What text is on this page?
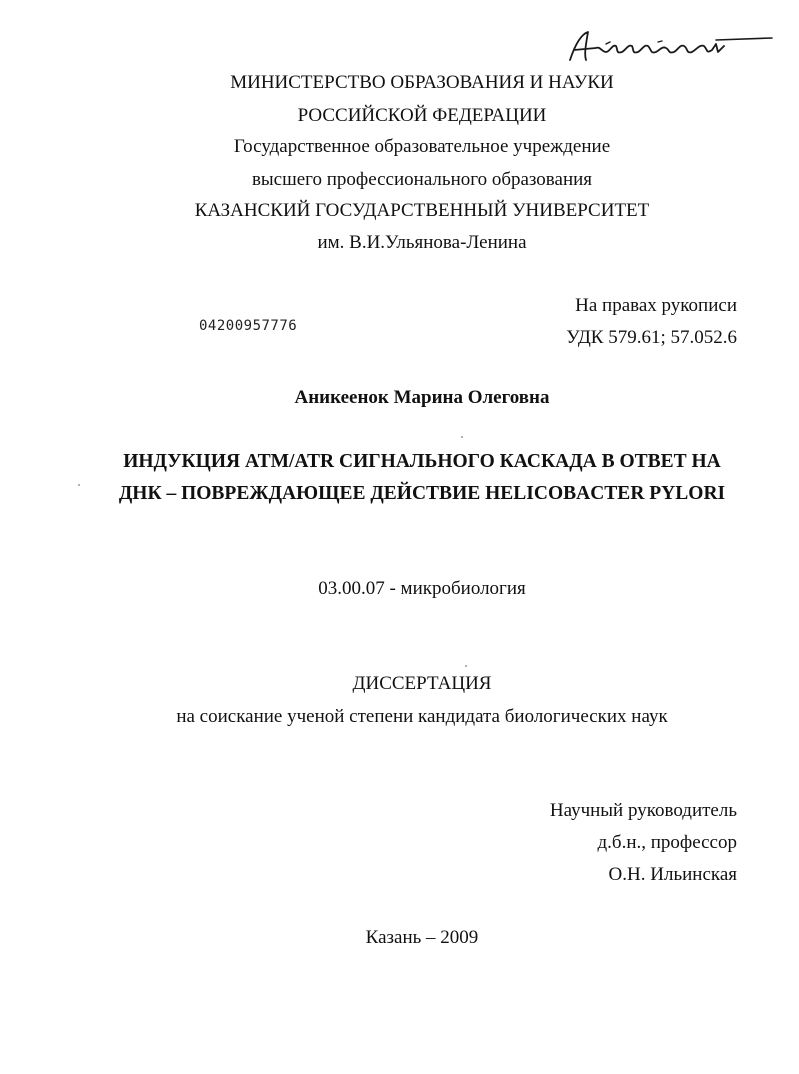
МИНИСТЕРСТВО ОБРАЗОВАНИЯ И НАУКИ
РОССИЙСКОЙ ФЕДЕРАЦИИ
Государственное образовательное учреждение
высшего профессионального образования
КАЗАНСКИЙ ГОСУДАРСТВЕННЫЙ УНИВЕРСИТЕТ
им. В.И.Ульянова-Ленина
04200957776
На правах рукописи
УДК 579.61; 57.052.6
Аникеенок Марина Олеговна
ИНДУКЦИЯ ATM/ATR СИГНАЛЬНОГО КАСКАДА В ОТВЕТ НА
ДНК – ПОВРЕЖДАЮЩЕЕ ДЕЙСТВИЕ HELICOBACTER PYLORI
03.00.07 - микробиология
ДИССЕРТАЦИЯ
на соискание ученой степени кандидата биологических наук
Научный руководитель
д.б.н., профессор
О.Н. Ильинская
Казань – 2009
